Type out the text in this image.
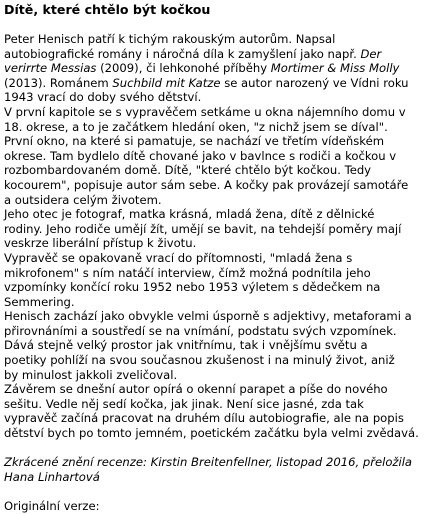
Dítě, které chtělo být kočkou
Peter Henisch patří k tichým rakouským autorům. Napsal
autobiografické romány i náročná díla k zamyšlení jako např. Der
verirrte Messias (2009), či lehkonohé příběhy Mortimer & Miss Molly
(2013). Románem Suchbild mit Katze se autor narozený ve Vídni roku
1943 vrací do doby svého dětství.
V první kapitole se s vypravěčem setkáme u okna nájemního domu v
18. okrese, a to je začátkem hledání oken, "z nichž jsem se díval".
První okno, na které si pamatuje, se nachází ve třetím vídeňském
okrese. Tam bydlelo dítě chované jako v bavlnce s rodiči a kočkou v
rozbombardovaném domě. Dítě, "které chtělo být kočkou. Tedy
kocourem", popisuje autor sám sebe. A kočky pak provázejí samotáře
a outsidera celým životem.
Jeho otec je fotograf, matka krásná, mladá žena, dítě z dělnické
rodiny. Jeho rodiče umějí žít, umějí se bavit, na tehdejší poměry mají
veskrze liberální přístup k životu.
Vypravěč se opakovaně vrací do přítomnosti, "mladá žena s
mikrofonem" s ním natáčí interview, čímž možná podnítila jeho
vzpomínky končící roku 1952 nebo 1953 výletem s dědečkem na
Semmering.
Henisch zachází jako obvykle velmi úsporně s adjektivy, metaforami a
přirovnáními a soustředí se na vnímání, podstatu svých vzpomínek.
Dává stejně velký prostor jak vnitřnímu, tak i vnějšímu světu a
poetiky pohlíží na svou současnou zkušenost i na minulý život, aniž
by minulost jakkoli zveličoval.
Závěrem se dnešní autor opírá o okenní parapet a píše do nového
sešitu. Vedle něj sedí kočka, jak jinak. Není sice jasné, zda tak
vypravěč začíná pracovat na druhém dílu autobiografie, ale na popis
dětství bych po tomto jemném, poetickém začátku byla velmi zvědavá.
Zkrácené znění recenze: Kirstin Breitenfellner, listopad 2016, přeložila
Hana Linhartová
Originální verze:
